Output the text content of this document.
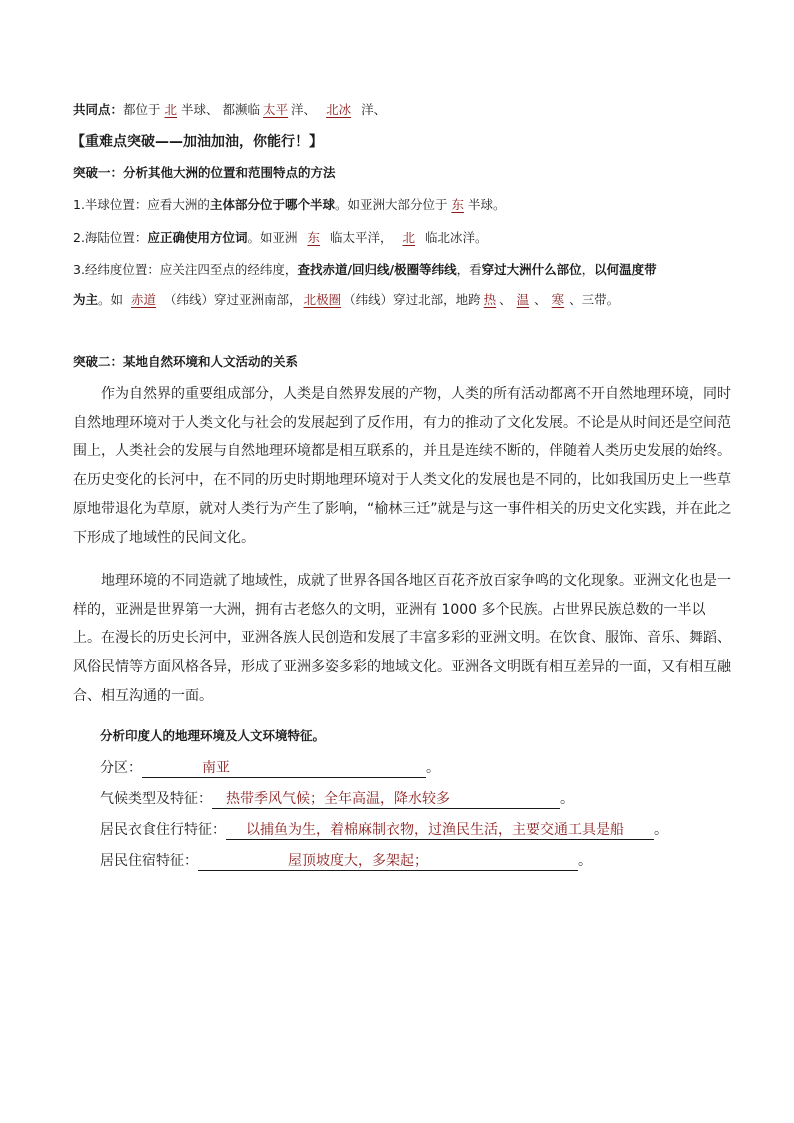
共同点：都位于 北 半球、 都濒临 太平 洋、 北冰 洋、
【重难点突破——加油加油，你能行！】
突破一：分析其他大洲的位置和范围特点的方法
1.半球位置：应看大洲的主体部分位于哪个半球。如亚洲大部分位于 东 半球。
2.海陆位置：应正确使用方位词。如亚洲 东 临太平洋， 北 临北冰洋。
3.经纬度位置：应关注四至点的经纬度，查找赤道/回归线/极圈等纬线，看穿过大洲什么部位，以何温度带
为主。如 赤道 （纬线）穿过亚洲南部， 北极圈 （纬线）穿过北部，地跨 热 、 温 、 寒 、三带。
突破二：某地自然环境和人文活动的关系

作为自然界的重要组成部分，人类是自然界发展的产物，人类的所有活动都离不开自然地理环境，同时自然地理环境对于人类文化与社会的发展起到了反作用，有力的推动了文化发展。不论是从时间还是空间范围上，人类社会的发展与自然地理环境都是相互联系的，并且是连续不断的，伴随着人类历史发展的始终。在历史变化的长河中，在不同的历史时期地理环境对于人类文化的发展也是不同的，比如我国历史上一些草原地带退化为草原，就对人类行为产生了影响，“榆林三迁”就是与这一事件相关的历史文化实践，并在此之下形成了地域性的民间文化。

地理环境的不同造就了地域性，成就了世界各国各地区百花齐放百家争鸣的文化现象。亚洲文化也是一样的，亚洲是世界第一大洲，拥有古老悠久的文明，亚洲有 1000 多个民族。占世界民族总数的一半以上。在漫长的历史长河中，亚洲各族人民创造和发展了丰富多彩的亚洲文明。在饮食、服饰、音乐、舞蹈、风俗民情等方面风格各异，形成了亚洲多姿多彩的地域文化。亚洲各文明既有相互差异的一面，又有相互融合、相互沟通的一面。

分析印度人的地理环境及人文环境特征。
分区：	南亚	。
气候类型及特征： 热带季风气候；全年高温，降水较多	。
居民衣食住行特征： 以捕鱼为生，着棉麻制衣物，过渔民生活，主要交通工具是船 。
居民住宿特征：	屋顶坡度大，多架起；	。
